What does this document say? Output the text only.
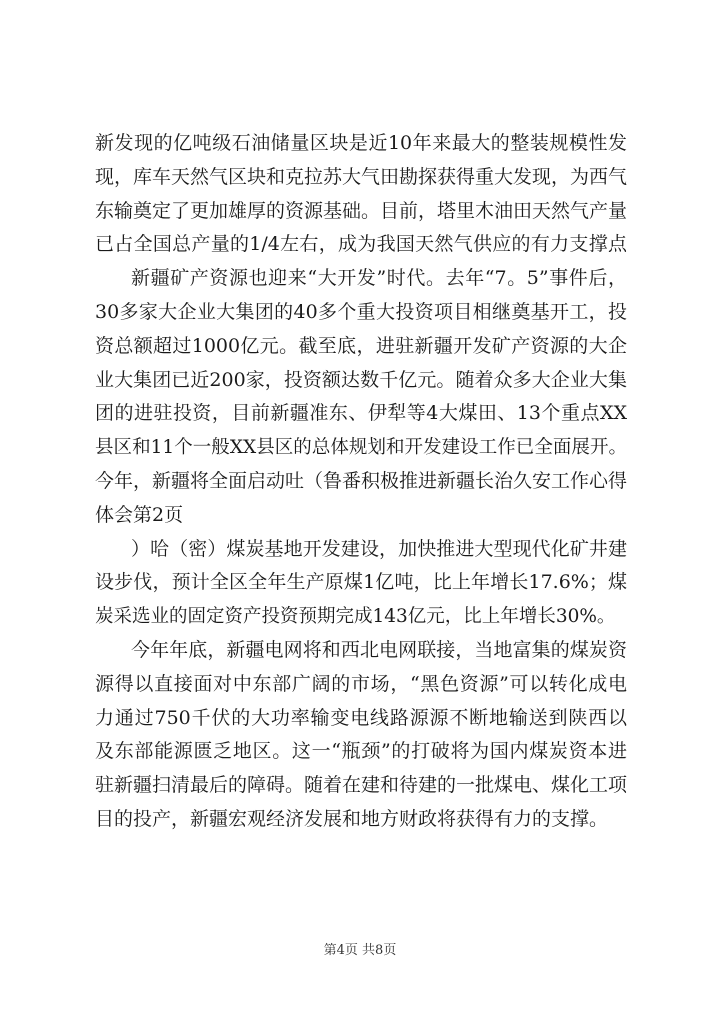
新发现的亿吨级石油储量区块是近10年来最大的整装规模性发
现，库车天然气区块和克拉苏大气田勘探获得重大发现，为西气
东输奠定了更加雄厚的资源基础。目前，塔里木油田天然气产量
已占全国总产量的1/4左右，成为我国天然气供应的有力支撑点
新疆矿产资源也迎来“大开发”时代。去年“7。5”事件后，
30多家大企业大集团的40多个重大投资项目相继奠基开工，投
资总额超过1000亿元。截至底，进驻新疆开发矿产资源的大企
业大集团已近200家，投资额达数千亿元。随着众多大企业大集
团的进驻投资，目前新疆准东、伊犁等4大煤田、13个重点XX
县区和11个一般XX县区的总体规划和开发建设工作已全面展开。
今年，新疆将全面启动吐（鲁番积极推进新疆长治久安工作心得
体会第2页
）哈（密）煤炭基地开发建设，加快推进大型现代化矿井建
设步伐，预计全区全年生产原煤1亿吨，比上年增长17.6%；煤
炭采选业的固定资产投资预期完成143亿元，比上年增长30%。
今年年底，新疆电网将和西北电网联接，当地富集的煤炭资
源得以直接面对中东部广阔的市场，“黑色资源”可以转化成电
力通过750千伏的大功率输变电线路源源不断地输送到陕西以
及东部能源匮乏地区。这一“瓶颈”的打破将为国内煤炭资本进
驻新疆扫清最后的障碍。随着在建和待建的一批煤电、煤化工项
目的投产，新疆宏观经济发展和地方财政将获得有力的支撑。
第4页 共8页
